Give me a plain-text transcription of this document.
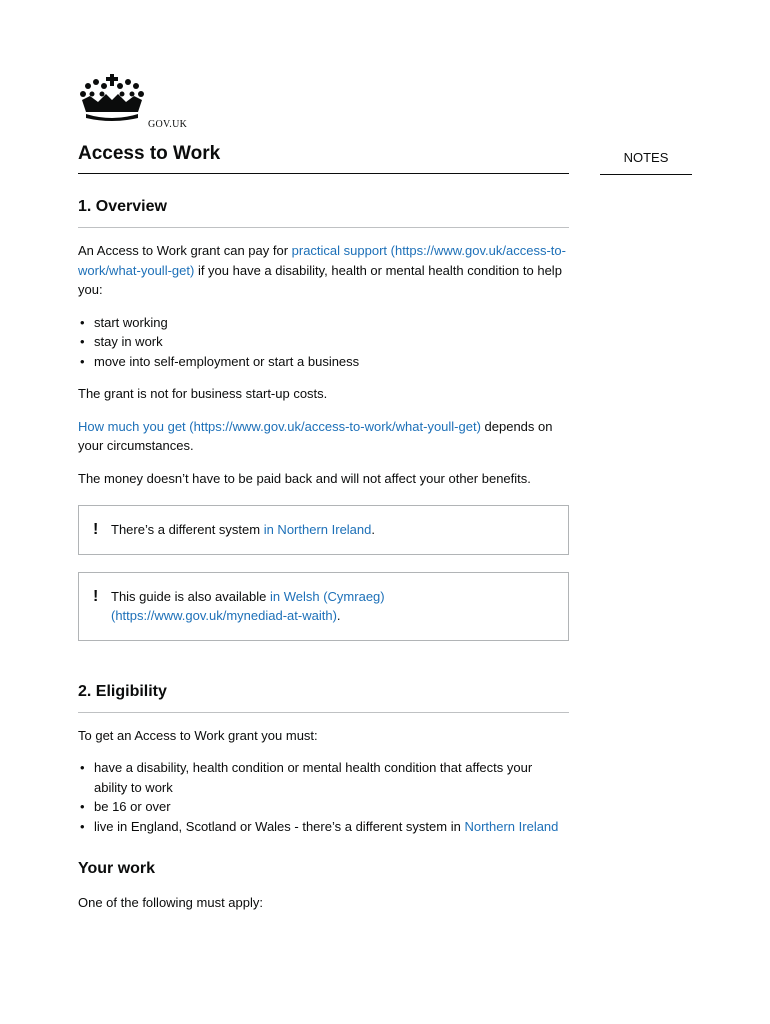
GOV.UK
NOTES
Access to Work
1. Overview

An Access to Work grant can pay for practical support (https://www.gov.uk/access-to-work/what-youll-get) if you have a disability, health or mental health condition to help you:

• start working
• stay in work
• move into self-employment or start a business

The grant is not for business start-up costs.

How much you get (https://www.gov.uk/access-to-work/what-youll-get) depends on your circumstances.

The money doesn’t have to be paid back and will not affect your other benefits.

! There’s a different system in Northern Ireland.

! This guide is also available in Welsh (Cymraeg) (https://www.gov.uk/mynediad-at-waith).

2. Eligibility

To get an Access to Work grant you must:

• have a disability, health condition or mental health condition that affects your ability to work
• be 16 or over
• live in England, Scotland or Wales - there’s a different system in Northern Ireland
Your work

One of the following must apply:
